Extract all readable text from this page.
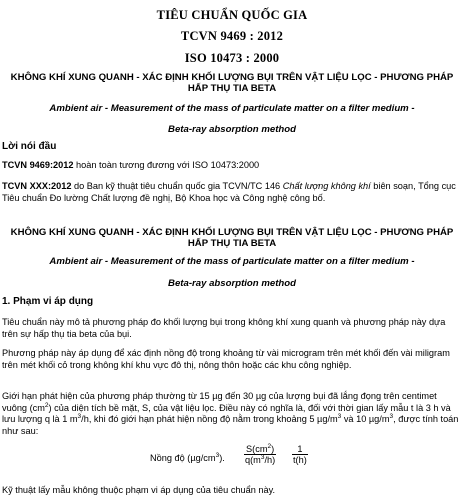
TIÊU CHUẨN QUỐC GIA
TCVN 9469 : 2012
ISO 10473 : 2000
KHÔNG KHÍ XUNG QUANH - XÁC ĐỊNH KHỐI LƯỢNG BỤI TRÊN VẬT LIỆU LỌC - PHƯƠNG PHÁP HẤP THỤ TIA BETA
Ambient air - Measurement of the mass of particulate matter on a filter medium -
Beta-ray absorption method
Lời nói đầu
TCVN 9469:2012 hoàn toàn tương đương với ISO 10473:2000
TCVN XXX:2012 do Ban kỹ thuật tiêu chuẩn quốc gia TCVN/TC 146 Chất lượng không khí biên soạn, Tổng cục Tiêu chuẩn Đo lường Chất lượng đề nghị, Bộ Khoa học và Công nghệ công bố.
KHÔNG KHÍ XUNG QUANH - XÁC ĐỊNH KHỐI LƯỢNG BỤI TRÊN VẬT LIỆU LỌC - PHƯƠNG PHÁP HẤP THỤ TIA BETA
Ambient air - Measurement of the mass of particulate matter on a filter medium -
Beta-ray absorption method
1. Phạm vi áp dụng
Tiêu chuẩn này mô tả phương pháp đo khối lượng bụi trong không khí xung quanh và phương pháp này dựa trên sự hấp thụ tia beta của bụi.
Phương pháp này áp dụng để xác định nồng độ trong khoảng từ vài microgram trên mét khối đến vài miligram trên mét khối cỏ trong không khí khu vực đô thị, nông thôn hoặc các khu công nghiệp.
Giới hạn phát hiện của phương pháp thường từ 15 µg đến 30 µg của lượng bụi đã lắng đọng trên centimet vuông $(cm^2)$ của diện tích bề mặt, S, của vật liệu lọc. Điều này có nghĩa là, đối với thời gian lấy mẫu t là 3 h và lưu lượng q là 1 $m^3/h$, khi đó giới hạn phát hiện nồng độ nằm trong khoảng 5 $\mu g/m^3$ và 10 $\mu g/m^3$, được tính toán như sau:
Nồng độ $(\mu g/cm^3)$.
$S(cm^2)$
$q(m^3/h)$
1
t(h)
Kỹ thuật lấy mẫu không thuộc phạm vi áp dụng của tiêu chuẩn này.
